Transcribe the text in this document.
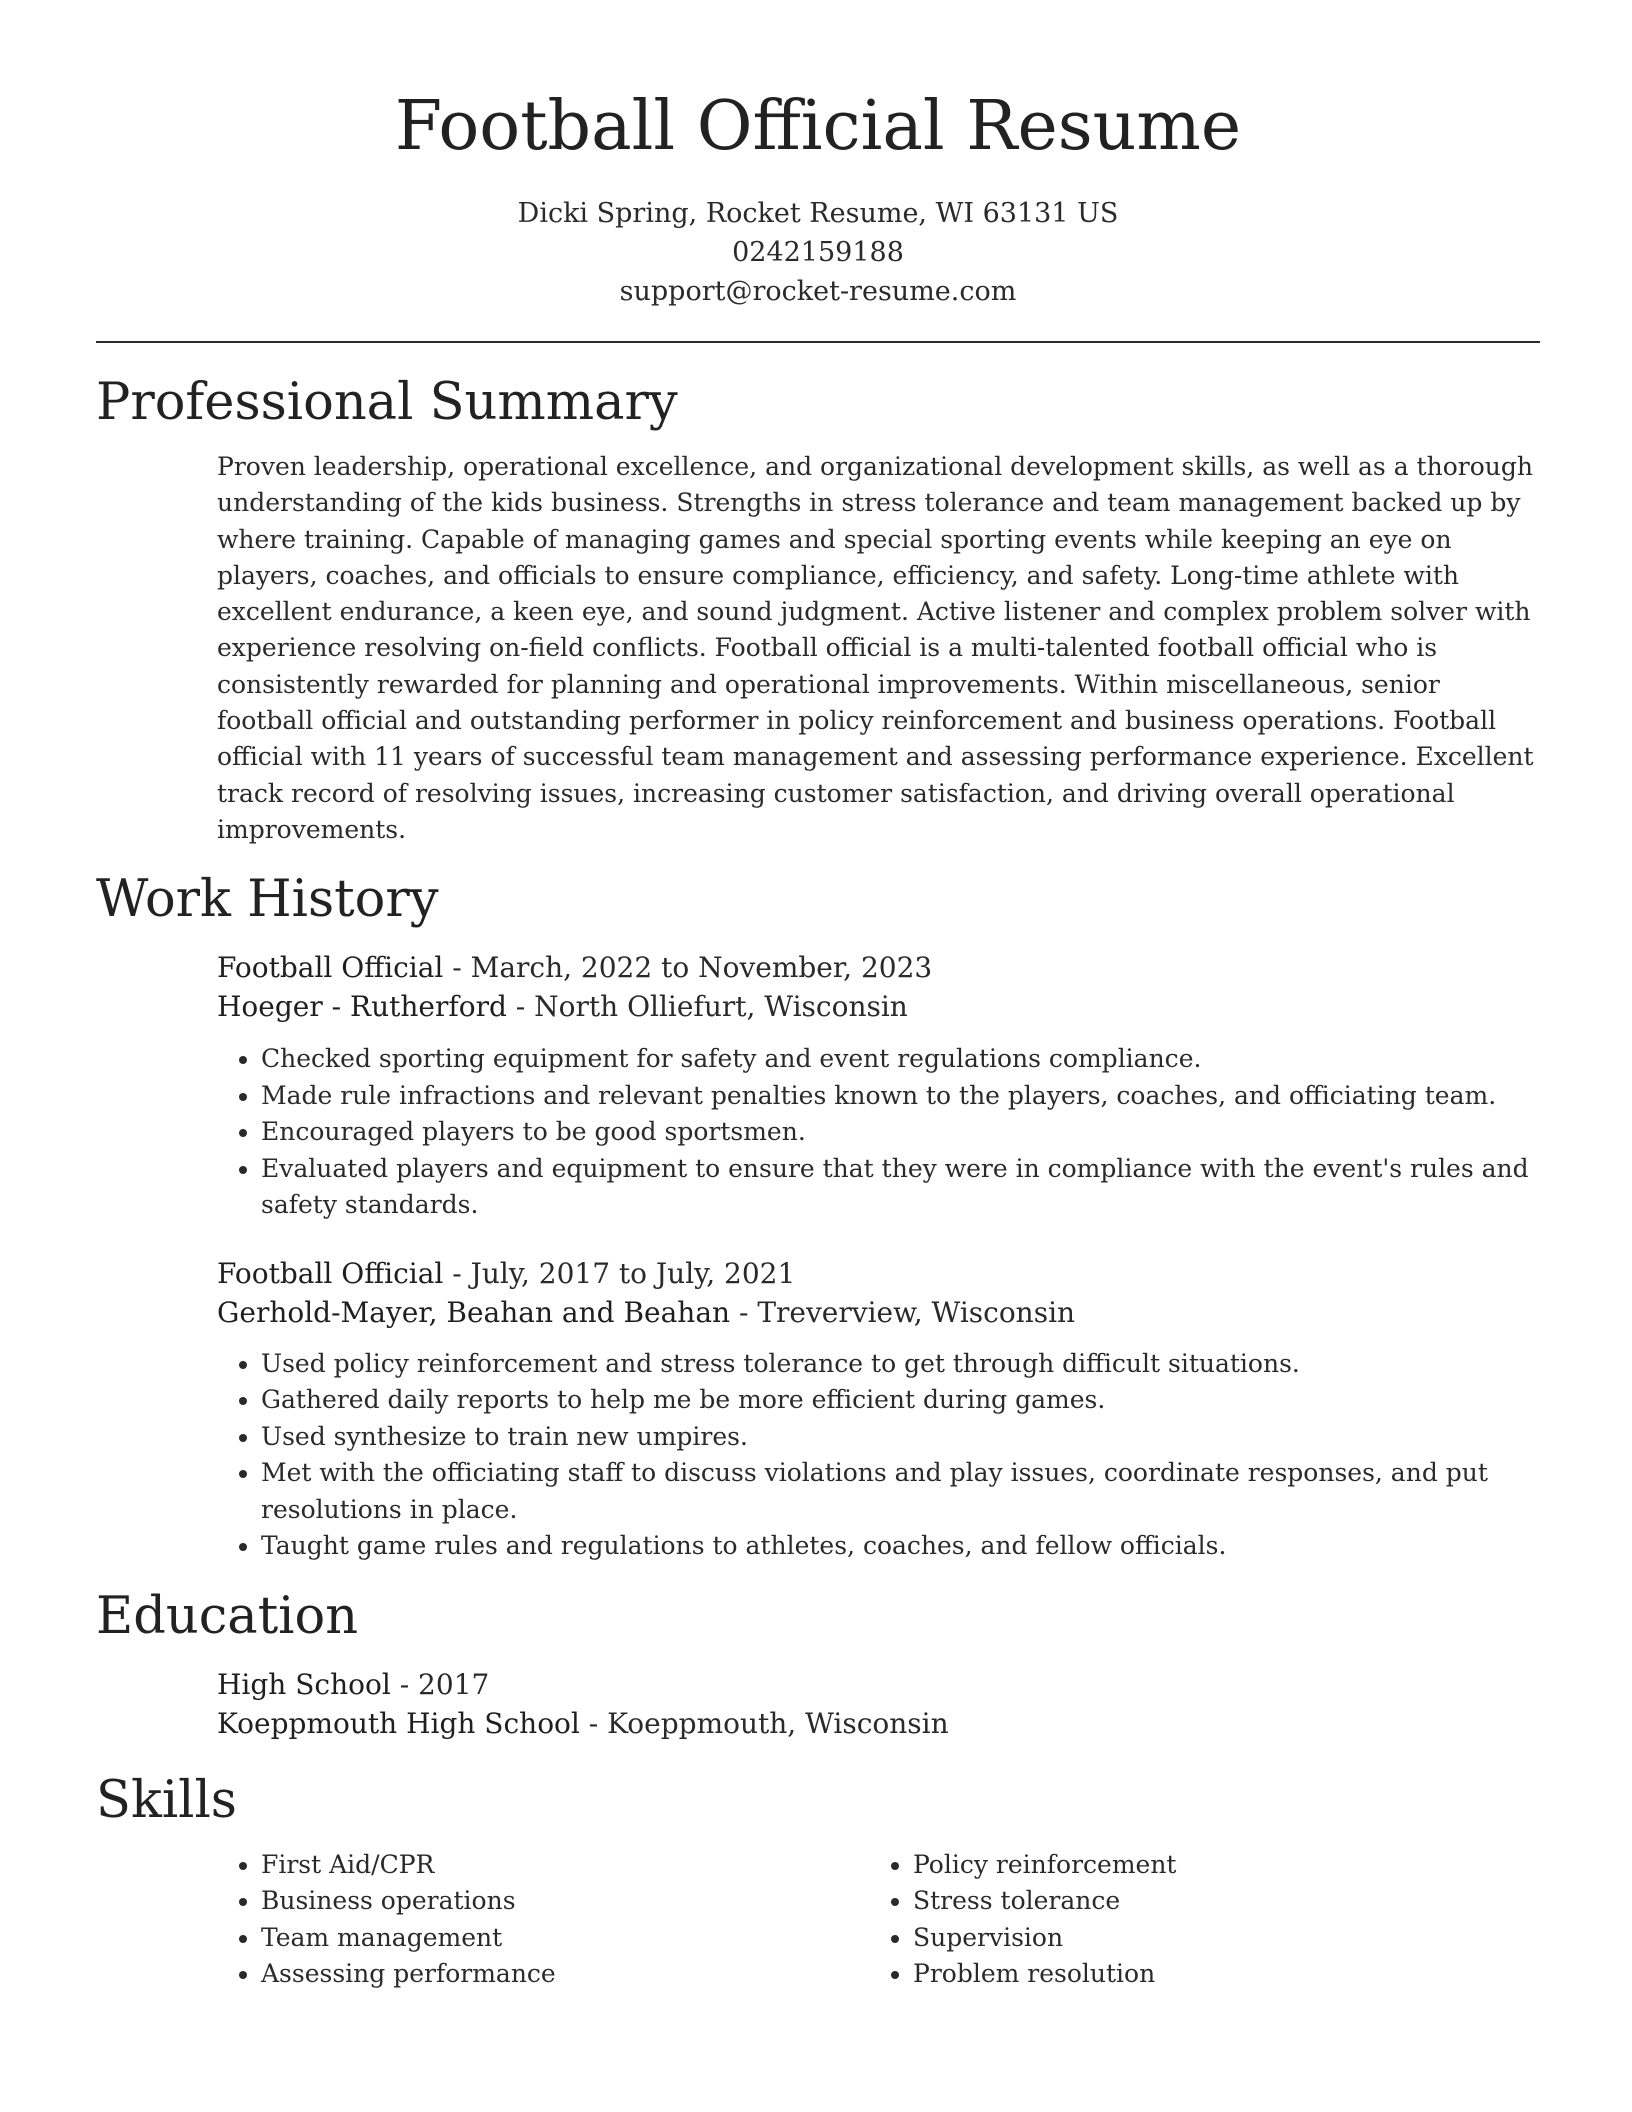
Football Official Resume
Dicki Spring, Rocket Resume, WI 63131 US
0242159188
support@rocket-resume.com
Professional Summary

Proven leadership, operational excellence, and organizational development skills, as well as a thorough understanding of the kids business. Strengths in stress tolerance and team management backed up by where training. Capable of managing games and special sporting events while keeping an eye on players, coaches, and officials to ensure compliance, efficiency, and safety. Long-time athlete with excellent endurance, a keen eye, and sound judgment. Active listener and complex problem solver with experience resolving on-field conflicts. Football official is a multi-talented football official who is consistently rewarded for planning and operational improvements. Within miscellaneous, senior football official and outstanding performer in policy reinforcement and business operations. Football official with 11 years of successful team management and assessing performance experience. Excellent track record of resolving issues, increasing customer satisfaction, and driving overall operational improvements.

Work History
Football Official - March, 2022 to November, 2023
Hoeger - Rutherford - North Olliefurt, Wisconsin
• Checked sporting equipment for safety and event regulations compliance.
• Made rule infractions and relevant penalties known to the players, coaches, and officiating team.
• Encouraged players to be good sportsmen.
• Evaluated players and equipment to ensure that they were in compliance with the event's rules and safety standards.
Football Official - July, 2017 to July, 2021
Gerhold-Mayer, Beahan and Beahan - Treverview, Wisconsin
• Used policy reinforcement and stress tolerance to get through difficult situations.
• Gathered daily reports to help me be more efficient during games.
• Used synthesize to train new umpires.
• Met with the officiating staff to discuss violations and play issues, coordinate responses, and put resolutions in place.
• Taught game rules and regulations to athletes, coaches, and fellow officials.
Education
High School - 2017
Koeppmouth High School - Koeppmouth, Wisconsin
Skills
• First Aid/CPR
• Business operations
• Team management
• Assessing performance
• Policy reinforcement
• Stress tolerance
• Supervision
• Problem resolution
